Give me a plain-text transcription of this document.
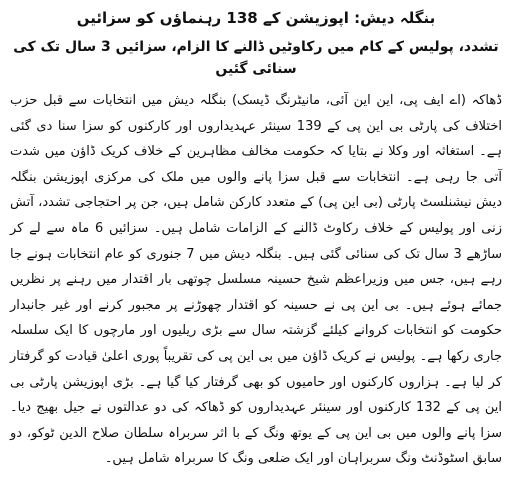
بنگلہ دیش: اپوزیشن کے 138 رہنماؤں کو سزائیں
تشدد، پولیس کے کام میں رکاوٹیں ڈالنے کا الزام، سزائیں 3 سال تک کی سنائی گئیں

ڈھاکہ (اے ایف پی، این این آئی، مانیٹرنگ ڈیسک) بنگلہ دیش میں انتخابات سے قبل حزب اختلاف کی پارٹی بی این پی کے 139 سینئر عہدیداروں اور کارکنوں کو سزا سنا دی گئی ہے۔ استغاثہ اور وکلا نے بتایا کہ حکومت مخالف مظاہرین کے خلاف کریک ڈاؤن میں شدت آتی جا رہی ہے۔ انتخابات سے قبل سزا پانے والوں میں ملک کی مرکزی اپوزیشن بنگلہ دیش نیشنلسٹ پارٹی (بی این پی) کے متعدد کارکن شامل ہیں، جن پر احتجاجی تشدد، آتش زنی اور پولیس کے خلاف رکاوٹ ڈالنے کے الزامات شامل ہیں۔ سزائیں 6 ماہ سے لے کر ساڑھے 3 سال تک کی سنائی گئی ہیں۔ بنگلہ دیش میں 7 جنوری کو عام انتخابات ہونے جا رہے ہیں، جس میں وزیراعظم شیخ حسینہ مسلسل چوتھی بار اقتدار میں رہنے پر نظریں جمائے ہوئے ہیں۔ بی این پی نے حسینہ کو اقتدار چھوڑنے پر مجبور کرنے اور غیر جانبدار حکومت کو انتخابات کروانے کیلئے گزشتہ سال سے بڑی ریلیوں اور مارچوں کا ایک سلسلہ جاری رکھا ہے۔ پولیس نے کریک ڈاؤن میں بی این پی کی تقریباً پوری اعلیٰ قیادت کو گرفتار کر لیا ہے۔ ہزاروں کارکنوں اور حامیوں کو بھی گرفتار کیا گیا ہے۔ بڑی اپوزیشن پارٹی بی این پی کے 132 کارکنوں اور سینئر عہدیداروں کو ڈھاکہ کی دو عدالتوں نے جیل بھیج دیا۔ سزا پانے والوں میں بی این پی کے یوتھ ونگ کے با اثر سربراہ سلطان صلاح الدین ٹوکو، دو سابق اسٹوڈنٹ ونگ سربراہان اور ایک ضلعی ونگ کا سربراہ شامل ہیں۔
